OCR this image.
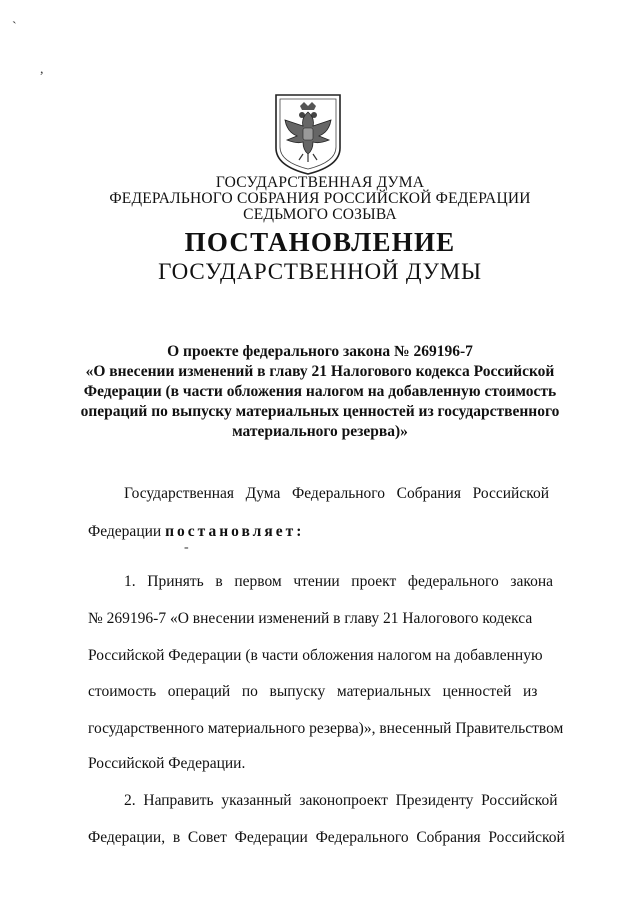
ˋ
,
ГОСУДАРСТВЕННАЯ ДУМА
ФЕДЕРАЛЬНОГО СОБРАНИЯ РОССИЙСКОЙ ФЕДЕРАЦИИ
СЕДЬМОГО СОЗЫВА
ПОСТАНОВЛЕНИЕ
ГОСУДАРСТВЕННОЙ ДУМЫ
О проекте федерального закона № 269196-7
«О внесении изменений в главу 21 Налогового кодекса Российской
Федерации (в части обложения налогом на добавленную стоимость
операций по выпуску материальных ценностей из государственного
материального резерва)»
Государственная   Дума   Федерального   Собрания   Российской
Федерации постановляет:
-
1.   Принять   в   первом   чтении   проект   федерального   закона
№ 269196-7 «О внесении изменений в главу 21 Налогового кодекса
Российской Федерации (в части обложения налогом на добавленную
стоимость   операций   по   выпуску   материальных   ценностей   из
государственного материального резерва)», внесенный Правительством
Российской Федерации.
2.  Направить  указанный  законопроект  Президенту  Российской
Федерации,  в  Совет  Федерации  Федерального  Собрания  Российской
